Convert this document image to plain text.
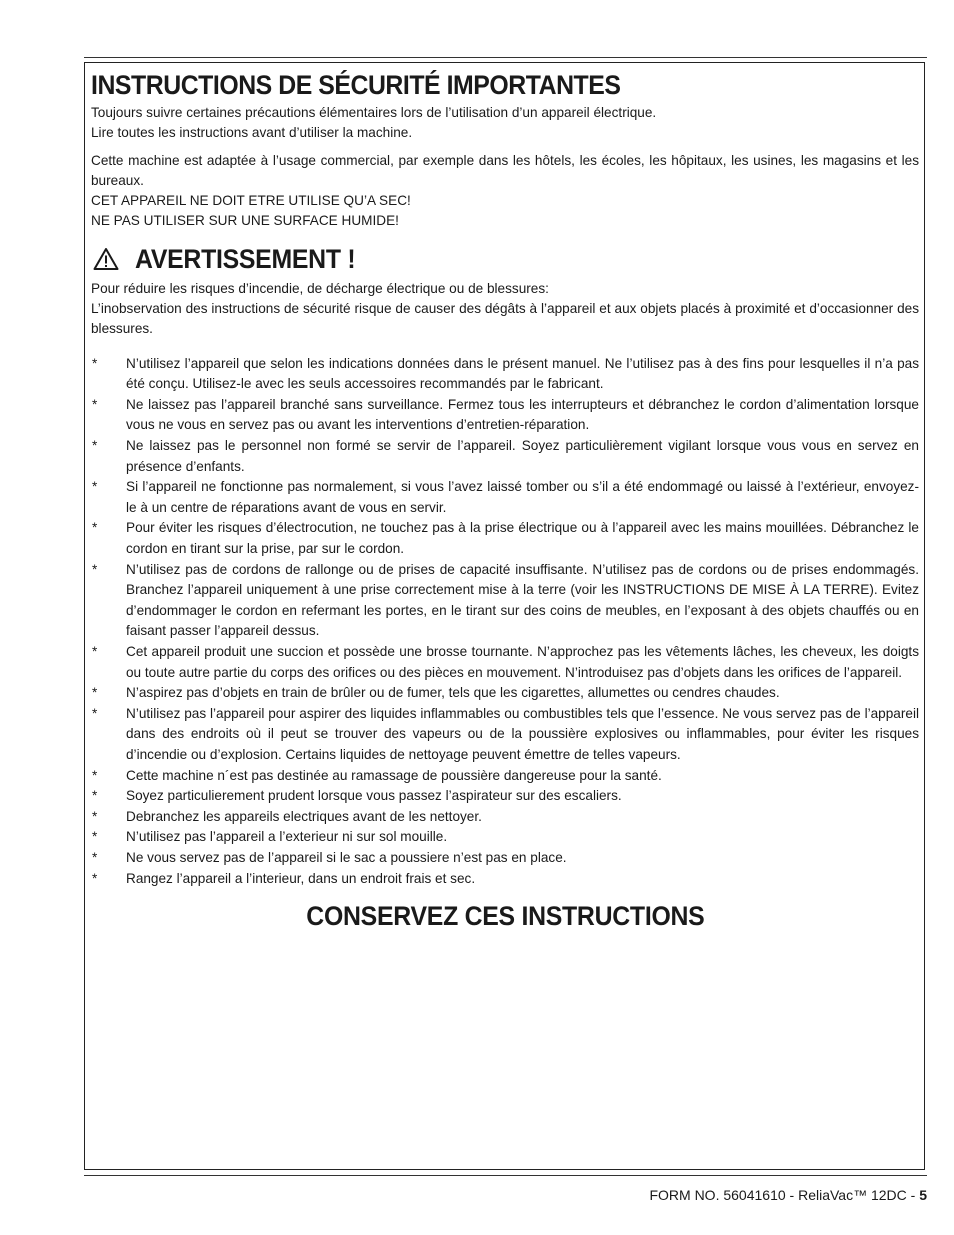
INSTRUCTIONS DE SÉCURITÉ IMPORTANTES

Toujours suivre certaines précautions élémentaires lors de l’utilisation d’un appareil électrique.

Lire toutes les instructions avant d’utiliser la machine.

Cette machine est adaptée à l’usage commercial, par exemple dans les hôtels, les écoles, les hôpitaux, les usines, les magasins et les bureaux.

CET APPAREIL NE DOIT ETRE UTILISE QU’A SEC!

NE PAS UTILISER SUR UNE SURFACE HUMIDE!

AVERTISSEMENT !

Pour réduire les risques d’incendie, de décharge électrique ou de blessures:

L’inobservation des instructions de sécurité risque de causer des dégâts à l’appareil et aux objets placés à proximité et d’occasionner des blessures.

*	N’utilisez l’appareil que selon les indications données dans le présent manuel. Ne l’utilisez pas à des fins pour lesquelles il n’a pas été conçu. Utilisez-le avec les seuls accessoires recommandés par le fabricant.
*	Ne laissez pas l’appareil branché sans surveillance. Fermez tous les interrupteurs et débranchez le cordon d’alimentation lorsque vous ne vous en servez pas ou avant les interventions d’entretien-réparation.
*	Ne laissez pas le personnel non formé se servir de l’appareil. Soyez particulièrement vigilant lorsque vous vous en servez en présence d’enfants.
*	Si l’appareil ne fonctionne pas normalement, si vous l’avez laissé tomber ou s’il a été endommagé ou laissé à l’extérieur, envoyez-le à un centre de réparations avant de vous en servir.
*	Pour éviter les risques d’électrocution, ne touchez pas à la prise électrique ou à l’appareil avec les mains mouillées. Débranchez le cordon en tirant sur la prise, par sur le cordon.
*	N’utilisez pas de cordons de rallonge ou de prises de capacité insuffisante. N’utilisez pas de cordons ou de prises endommagés. Branchez l’appareil uniquement à une prise correctement mise à la terre (voir les INSTRUCTIONS DE MISE À LA TERRE). Evitez d’endommager le cordon en refermant les portes, en le tirant sur des coins de meubles, en l’exposant à des objets chauffés ou en faisant passer l’appareil dessus.
*	Cet appareil produit une succion et possède une brosse tournante. N’approchez pas les vêtements lâches, les cheveux, les doigts ou toute autre partie du corps des orifices ou des pièces en mouvement. N’introduisez pas d’objets dans les orifices de l’appareil.
*	N’aspirez pas d’objets en train de brûler ou de fumer, tels que les cigarettes, allumettes ou cendres chaudes.
*	N’utilisez pas l’appareil pour aspirer des liquides inflammables ou combustibles tels que l’essence. Ne vous servez pas de l’appareil dans des endroits où il peut se trouver des vapeurs ou de la poussière explosives ou inflammables, pour éviter les risques d’incendie ou d’explosion. Certains liquides de nettoyage peuvent émettre de telles vapeurs.
*	Cette machine n´est pas destinée au ramassage de poussière dangereuse pour la santé.
*	Soyez particulierement prudent lorsque vous passez l’aspirateur sur des escaliers.
*	Debranchez les appareils electriques avant de les nettoyer.
*	N’utilisez pas l’appareil a l’exterieur ni sur sol mouille.
*	Ne vous servez pas de l’appareil si le sac a poussiere n’est pas en place.
*	Rangez l’appareil a l’interieur, dans un endroit frais et sec.
CONSERVEZ CES INSTRUCTIONS
FORM NO. 56041610 - ReliaVac™ 12DC - 5
